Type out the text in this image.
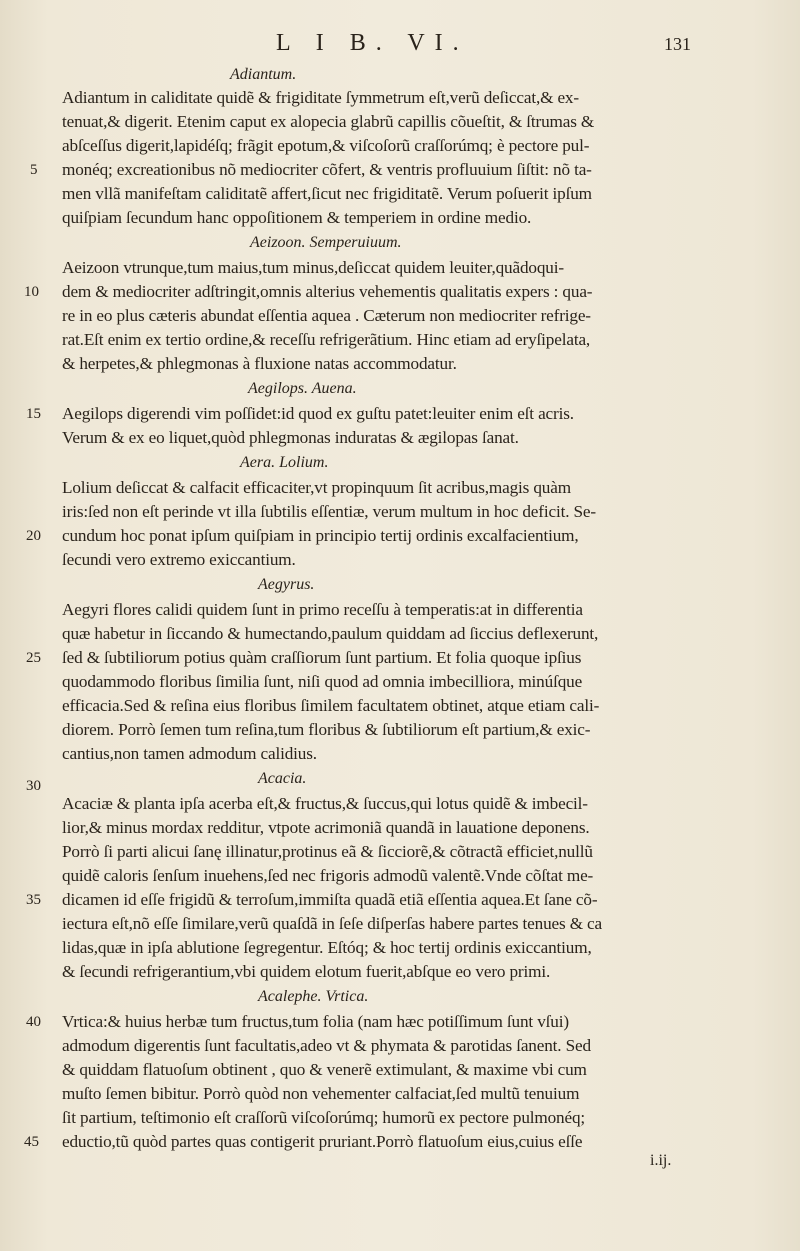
L I B. VI.	131
Adiantum.
Adiantum in caliditate quidẽ & frigiditate ſymmetrum eſt,verũ deſiccat,& ex-
tenuat,& digerit. Etenim caput ex alopecia glabrũ capillis cõueſtit, & ſtrumas &
abſceſſus digerit,lapidéſq; frãgit epotum,& viſcoſorũ craſſorúmq; è pectore pul-
monéq; excreationibus nõ mediocriter cõfert, & ventris profluuium ſiſtit: nõ ta-
men vllã manifeſtam caliditatẽ affert,ſicut nec frigiditatẽ. Verum poſuerit ipſum
quiſpiam ſecundum hanc oppoſitionem & temperiem in ordine medio.
Aeizoon. Semperuiuum.
Aeizoon vtrunque,tum maius,tum minus,deſiccat quidem leuiter,quãdoqui-
dem & mediocriter adſtringit,omnis alterius vehementis qualitatis expers : qua-
re in eo plus cæteris abundat eſſentia aquea . Cæterum non mediocriter refrige-
rat.Eſt enim ex tertio ordine,& receſſu refrigerãtium. Hinc etiam ad eryſipelata,
& herpetes,& phlegmonas à fluxione natas accommodatur.
Aegilops. Auena.
Aegilops digerendi vim poſſidet:id quod ex guſtu patet:leuiter enim eſt acris.
Verum & ex eo liquet,quòd phlegmonas induratas & ægilopas ſanat.
Aera. Lolium.
Lolium deſiccat & calfacit efficaciter,vt propinquum ſit acribus,magis quàm
iris:ſed non eſt perinde vt illa ſubtilis eſſentiæ, verum multum in hoc deficit. Se-
cundum hoc ponat ipſum quiſpiam in principio tertij ordinis excalfacientium,
ſecundi vero extremo exiccantium.
Aegyrus.
Aegyri flores calidi quidem ſunt in primo receſſu à temperatis:at in differentia
quæ habetur in ſiccando & humectando,paulum quiddam ad ſiccius deflexerunt,
ſed & ſubtiliorum potius quàm craſſiorum ſunt partium. Et folia quoque ipſius
quodammodo floribus ſimilia ſunt, niſi quod ad omnia imbecilliora, minúſque
efficacia.Sed & reſina eius floribus ſimilem facultatem obtinet, atque etiam cali-
diorem. Porrò ſemen tum reſina,tum floribus & ſubtiliorum eſt partium,& exic-
cantius,non tamen admodum calidius.
Acacia.
Acaciæ & planta ipſa acerba eſt,& fructus,& ſuccus,qui lotus quidẽ & imbecil-
lior,& minus mordax redditur, vtpote acrimoniã quandã in lauatione deponens.
Porrò ſi parti alicui ſanę illinatur,protinus eã & ſicciorẽ,& cõtractã efficiet,nullũ
quidẽ caloris ſenſum inuehens,ſed nec frigoris admodũ valentẽ.Vnde cõſtat me-
dicamen id eſſe frigidũ & terroſum,immiſta quadã etiã eſſentia aquea.Et ſane cõ-
iectura eſt,nõ eſſe ſimilare,verũ quaſdã in ſeſe diſperſas habere partes tenues & ca
lidas,quæ in ipſa ablutione ſegregentur. Eſtóq; & hoc tertij ordinis exiccantium,
& ſecundi refrigerantium,vbi quidem elotum fuerit,abſque eo vero primi.
Acalephe. Vrtica.
Vrtica:& huius herbæ tum fructus,tum folia (nam hæc potiſſimum ſunt vſui)
admodum digerentis ſunt facultatis,adeo vt & phymata & parotidas ſanent. Sed
& quiddam flatuoſum obtinent , quo & venerẽ extimulant, & maxime vbi cum
muſto ſemen bibitur. Porrò quòd non vehementer calfaciat,ſed multũ tenuium
ſit partium, teſtimonio eſt craſſorũ viſcoſorúmq; humorũ ex pectore pulmonéq;
eductio,tũ quòd partes quas contigerit pruriant.Porrò flatuoſum eius,cuius eſſe
5
10
15
20
25
30
35
40
45
i.ij.
